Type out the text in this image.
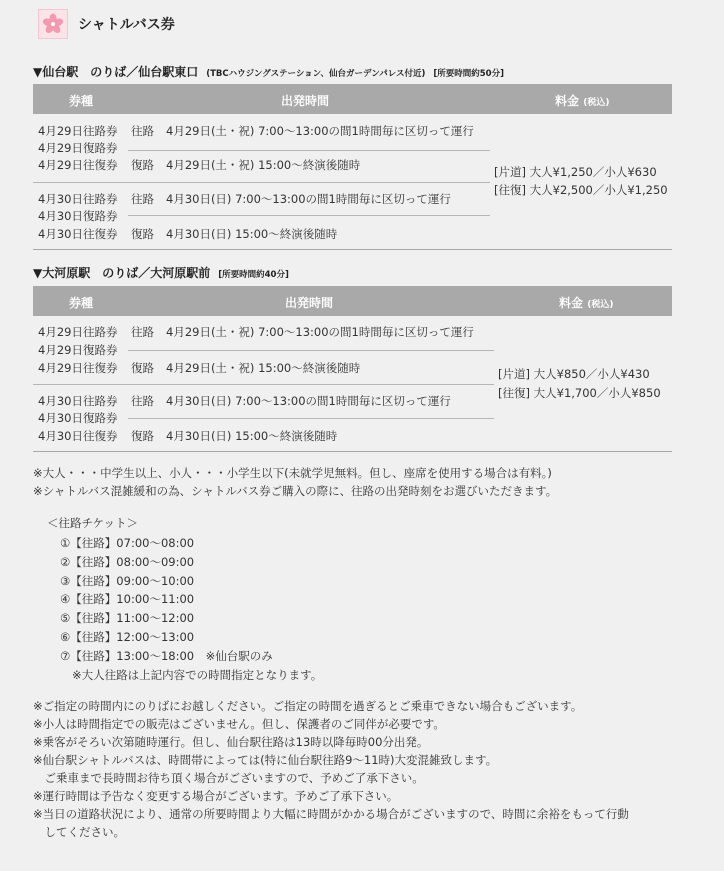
シャトルバス券
▼仙台駅　のりば／仙台駅東口 (TBCハウジングステーション、仙台ガーデンパレス付近) [所要時間約50分]
券種	出発時間	料金 (税込)
4月29日往路券 往路 4月29日(土・祝) 7:00～13:00の間1時間毎に区切って運行
4月29日復路券
4月29日往復券 復路 4月29日(土・祝) 15:00～終演後随時
4月30日往路券 往路 4月30日(日) 7:00～13:00の間1時間毎に区切って運行
4月30日復路券
4月30日往復券 復路 4月30日(日) 15:00～終演後随時
[片道] 大人¥1,250／小人¥630
[往復] 大人¥2,500／小人¥1,250
▼大河原駅　のりば／大河原駅前 [所要時間約40分]
券種	出発時間	料金 (税込)
4月29日往路券 往路 4月29日(土・祝) 7:00～13:00の間1時間毎に区切って運行
4月29日復路券
4月29日往復券 復路 4月29日(土・祝) 15:00～終演後随時
4月30日往路券 往路 4月30日(日) 7:00～13:00の間1時間毎に区切って運行
4月30日復路券
4月30日往復券 復路 4月30日(日) 15:00～終演後随時
[片道] 大人¥850／小人¥430
[往復] 大人¥1,700／小人¥850
※大人・・・中学生以上、小人・・・小学生以下(未就学児無料。但し、座席を使用する場合は有料。)
※シャトルバス混雑緩和の為、シャトルバス券ご購入の際に、往路の出発時刻をお選びいただきます。
＜往路チケット＞
①【往路】07:00～08:00
②【往路】08:00～09:00
③【往路】09:00～10:00
④【往路】10:00～11:00
⑤【往路】11:00～12:00
⑥【往路】12:00～13:00
⑦【往路】13:00～18:00　※仙台駅のみ
※大人往路は上記内容での時間指定となります。
※ご指定の時間内にのりばにお越しください。ご指定の時間を過ぎるとご乗車できない場合もございます。
※小人は時間指定での販売はございません。但し、保護者のご同伴が必要です。
※乗客がそろい次第随時運行。但し、仙台駅往路は13時以降毎時00分出発。
※仙台駅シャトルバスは、時間帯によっては(特に仙台駅往路9～11時)大変混雑致します。
　ご乗車まで長時間お待ち頂く場合がございますので、予めご了承下さい。
※運行時間は予告なく変更する場合がございます。予めご了承下さい。
※当日の道路状況により、通常の所要時間より大幅に時間がかかる場合がございますので、時間に余裕をもって行動
　してください。
